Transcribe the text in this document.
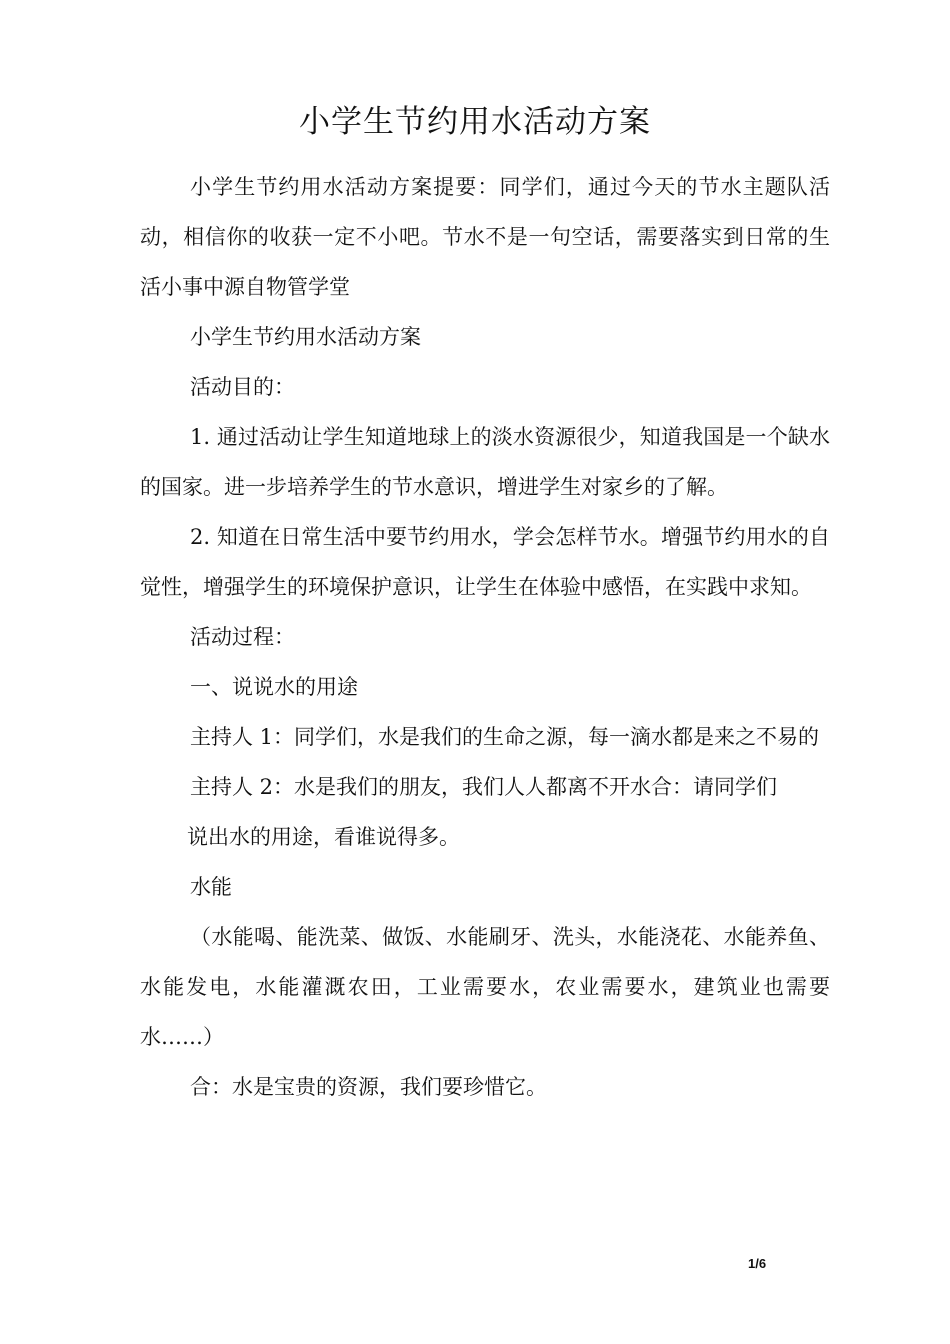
小学生节约用水活动方案

小学生节约用水活动方案提要：同学们，通过今天的节水主题队活动，相信你的收获一定不小吧。节水不是一句空话，需要落实到日常的生活小事中源自物管学堂

小学生节约用水活动方案

活动目的：

1. 通过活动让学生知道地球上的淡水资源很少，知道我国是一个缺水的国家。进一步培养学生的节水意识，增进学生对家乡的了解。

2. 知道在日常生活中要节约用水，学会怎样节水。增强节约用水的自觉性，增强学生的环境保护意识，让学生在体验中感悟，在实践中求知。

活动过程：

一、说说水的用途

主持人 1：同学们，水是我们的生命之源，每一滴水都是来之不易的

主持人 2：水是我们的朋友，我们人人都离不开水合：请同学们

说出水的用途，看谁说得多。

水能

（水能喝、能洗菜、做饭、水能刷牙、洗头，水能浇花、水能养鱼、水能发电，水能灌溉农田，工业需要水，农业需要水，建筑业也需要水……）

合：水是宝贵的资源，我们要珍惜它。

1/6
